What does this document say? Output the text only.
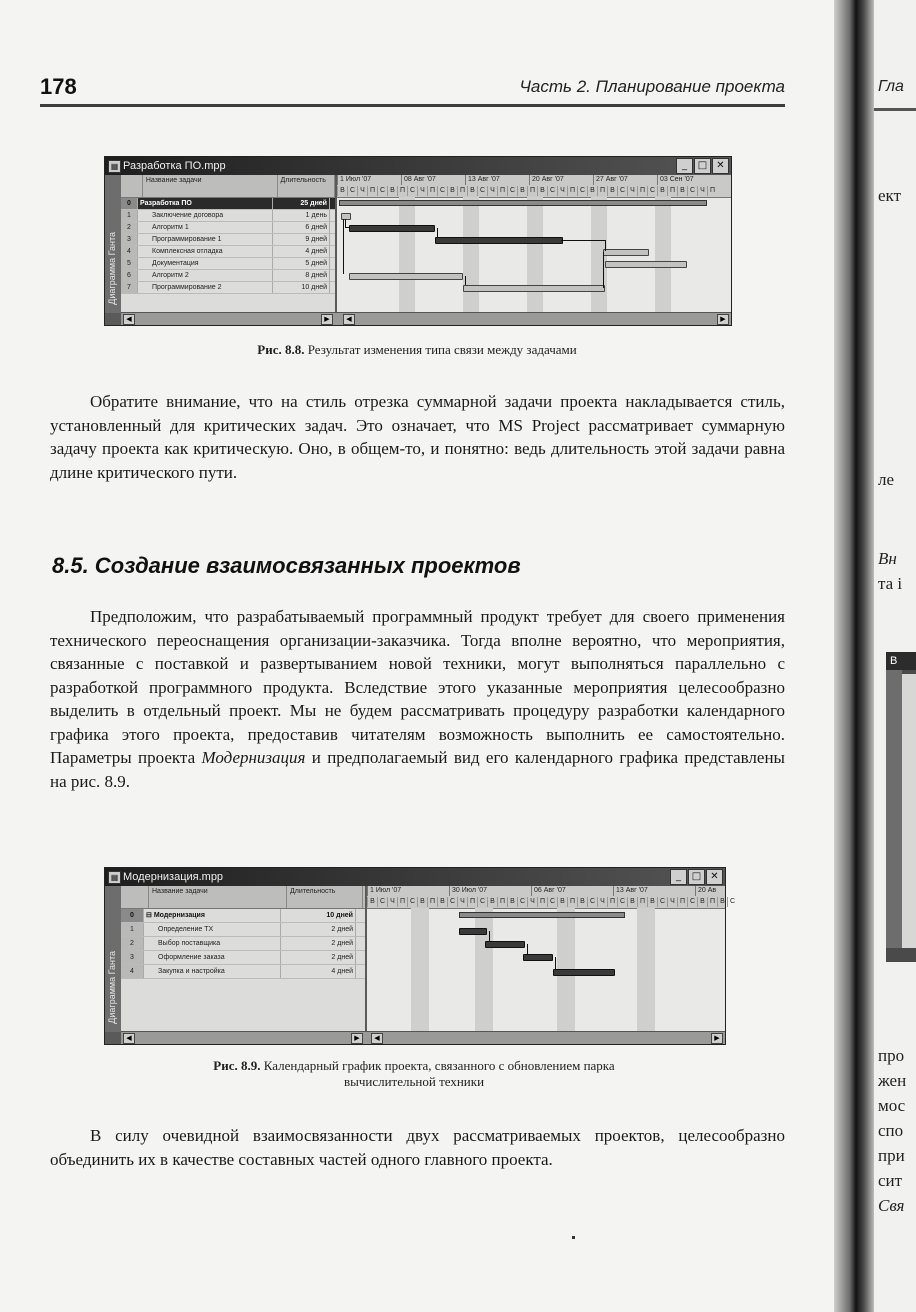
178	Часть 2. Планирование проекта
▦ Разработка ПО.mpp	_	□ ✕
Диаграмма Ганта
Название задачи	Длительность
0	Разработка ПО	25 дней
1	Заключение договора	1 день
2	Алгоритм 1	6 дней
3	Программирование 1	9 дней
4	Комплексная отладка	4 дней
5	Документация	5 дней
6	Алгоритм 2	8 дней
7	Программирование 2	10 дней
1 Июл '07	08 Авг '07	13 Авг '07	20 Авг '07	27 Авг '07	03 Сен '07
В С Ч П С В П С Ч П С В П В С Ч П С В П В С Ч П С В П В С Ч П С В П В С Ч П
◀	▶	◀	▶
Рис. 8.8. Результат изменения типа связи между задачами

Обратите внимание, что на стиль отрезка суммарной задачи проекта накладывается стиль, установленный для критических задач. Это означает, что MS Project рассматривает суммарную задачу проекта как критическую. Оно, в общем-то, и понятно: ведь длительность этой задачи равна длине критического пути.

8.5. Создание взаимосвязанных проектов

Предположим, что разрабатываемый программный продукт требует для своего применения технического переоснащения организации-заказчика. Тогда вполне вероятно, что мероприятия, связанные с поставкой и развертыванием новой техники, могут выполняться параллельно с разработкой программного продукта. Вследствие этого указанные мероприятия целесообразно выделить в отдельный проект. Мы не будем рассматривать процедуру разработки календарного графика этого проекта, предоставив читателям возможность выполнить ее самостоятельно. Параметры проекта Модернизация и предполагаемый вид его календарного графика представлены на рис. 8.9.

▦ Модернизация.mpp	_	□ ✕
Диаграмма Ганта
Название задачи	Длительность
0	⊟ Модернизация	10 дней
1	Определение ТХ	2 дней
2	Выбор поставщика	2 дней
3	Оформление заказа	2 дней
4	Закупка и настройка	4 дней
1 Июл '07	30 Июл '07	06 Авг '07	13 Авг '07	20 Ав
В С Ч П С В П В С Ч П С В П В С Ч П С В П В С Ч П С В П В С Ч П С В П В С
◀	▶	◀	▶
Рис. 8.9. Календарный график проекта, связанного с обновлением парка
вычислительной техники

В силу очевидной взаимосвязанности двух рассматриваемых проектов, целесообразно объединить их в качестве составных частей одного главного проекта.

Гла
ект
ле
Вн
та і
В
про
жен
мос
спо
при
сит
Свя
